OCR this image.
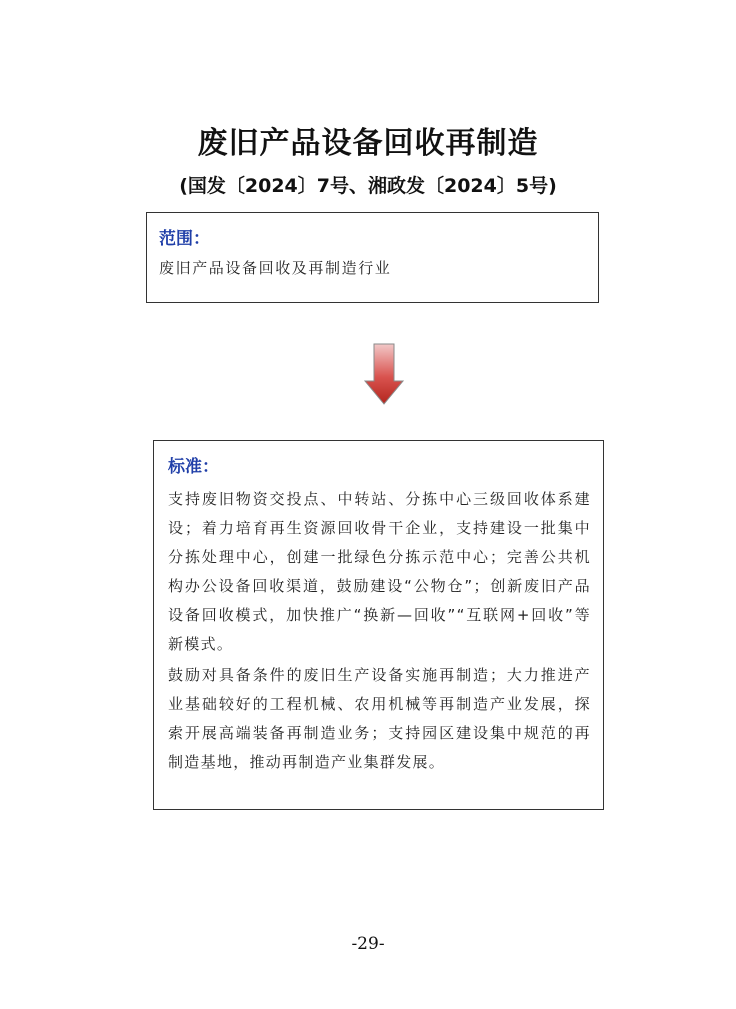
废旧产品设备回收再制造
(国发〔2024〕7号、湘政发〔2024〕5号)
范围：
废旧产品设备回收及再制造行业
标准：

支持废旧物资交投点、中转站、分拣中心三级回收体系建设；着力培育再生资源回收骨干企业，支持建设一批集中分拣处理中心，创建一批绿色分拣示范中心；完善公共机构办公设备回收渠道，鼓励建设“公物仓”；创新废旧产品设备回收模式，加快推广“换新—回收”“互联网+回收”等新模式。

鼓励对具备条件的废旧生产设备实施再制造；大力推进产业基础较好的工程机械、农用机械等再制造产业发展，探索开展高端装备再制造业务；支持园区建设集中规范的再制造基地，推动再制造产业集群发展。

-29-
